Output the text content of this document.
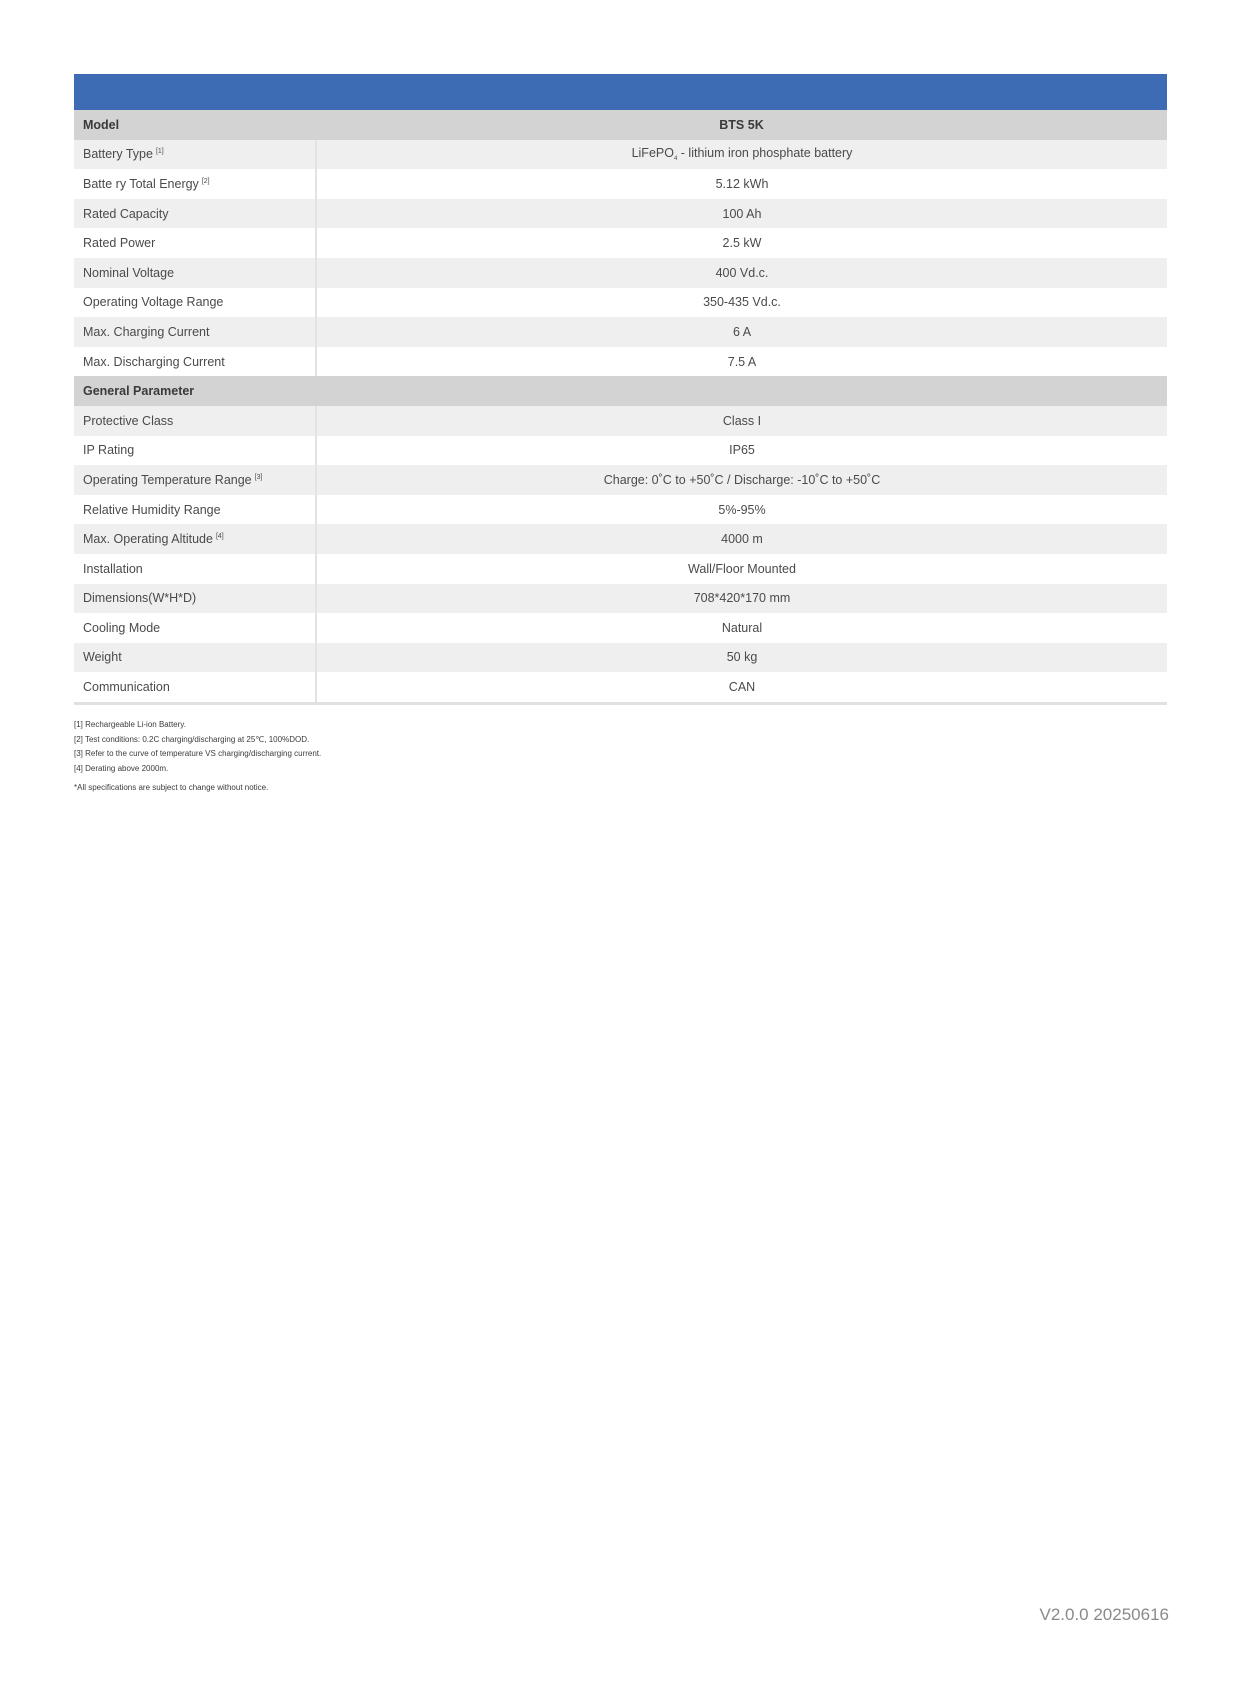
Model	BTS 5K
Battery Type [1]	LiFePO$_4$ - lithium iron phosphate battery
Batte ry Total Energy [2]	5.12 kWh
Rated Capacity	100 Ah
Rated Power	2.5 kW
Nominal Voltage	400 Vd.c.
Operating Voltage Range	350-435 Vd.c.
Max. Charging Current	6 A
Max. Discharging Current	7.5 A
General Parameter	
Protective Class	Class I
IP Rating	IP65
Operating Temperature Range [3]	Charge: 0˚C to +50˚C / Discharge: -10˚C to +50˚C
Relative Humidity Range	5%-95%
Max. Operating Altitude [4]	4000 m
Installation	Wall/Floor Mounted
Dimensions(W*H*D)	708*420*170 mm
Cooling Mode	Natural
Weight	50 kg
Communication	CAN
[1] Rechargeable Li-ion Battery.
[2] Test conditions: 0.2C charging/discharging at 25℃, 100%DOD.
[3] Refer to the curve of temperature VS charging/discharging current.
[4] Derating above 2000m.
*All specifications are subject to change without notice.
V2.0.0 20250616
